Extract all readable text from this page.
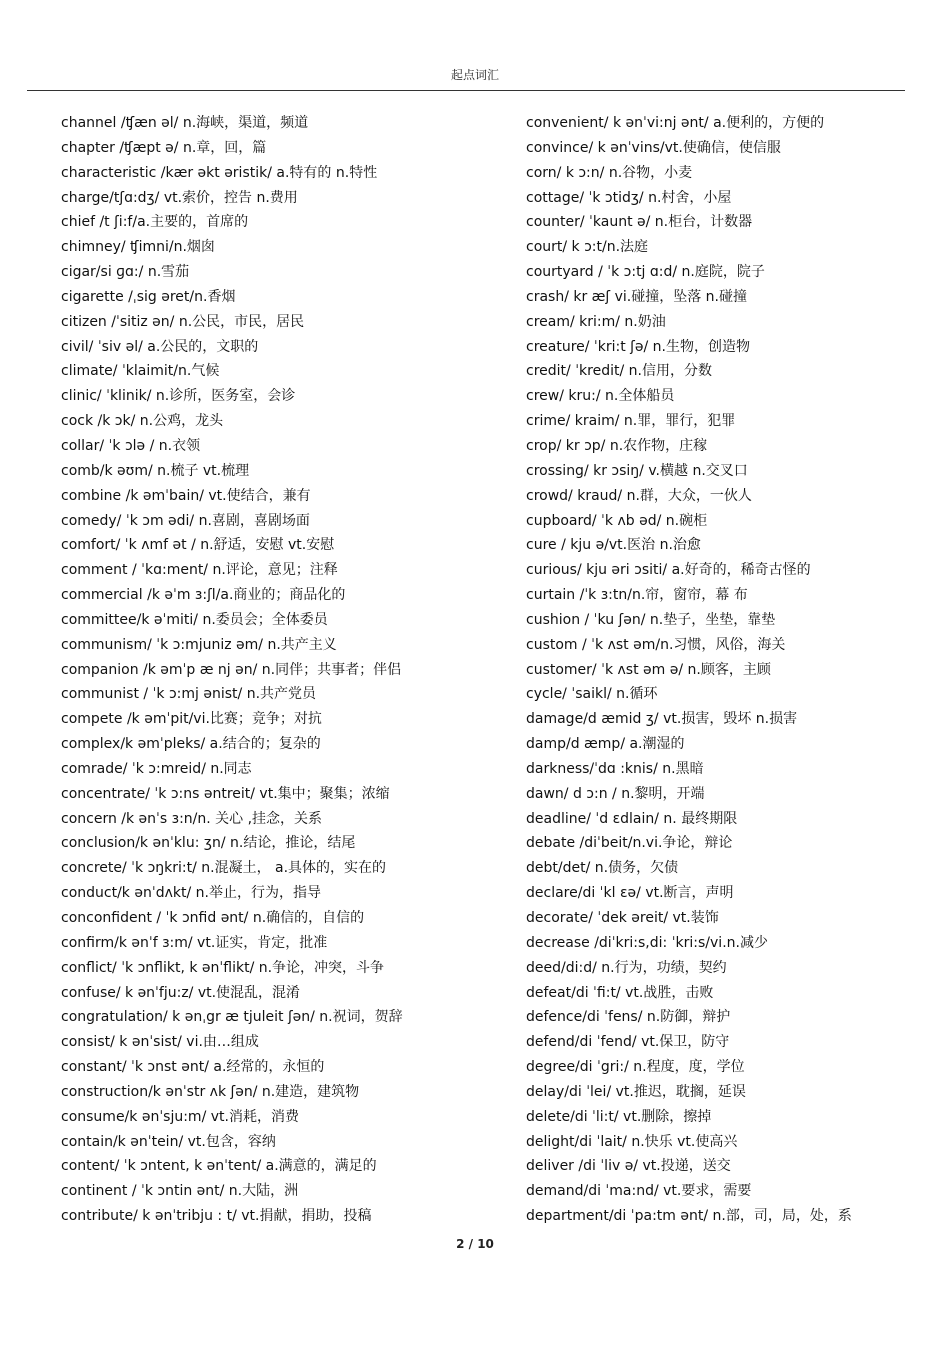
起点词汇
channel /ʧæn əl/ n.海峡，渠道，频道
chapter /ʧæpt ə/ n.章，回，篇
characteristic /kær əkt əristik/ a.特有的 n.特性
charge/tʃɑ:dʒ/ vt.索价，控告 n.费用
chief /t ʃi:f/a.主要的，首席的
chimney/ ʧimni/n.烟囱
cigar/si ɡɑ:/ n.雪茄
cigarette /ˌsig əret/n.香烟
citizen /ˈsitiz ən/ n.公民，市民，居民
civil/ ˈsiv əl/ a.公民的，文职的
climate/ ˈklaimit/n.气候
clinic/ ˈklinik/ n.诊所，医务室，会诊
cock /k ɔk/ n.公鸡，龙头
collar/ ˈk ɔlə / n.衣领
comb/k əʊm/ n.梳子 vt.梳理
combine /k əmˈbain/ vt.使结合，兼有
comedy/ ˈk ɔm ədi/ n.喜剧，喜剧场面
comfort/ ˈk ʌmf ət / n.舒适，安慰 vt.安慰
comment / ˈkɑ:ment/ n.评论，意见；注释
commercial /k əˈm ɜ:ʃl/a.商业的；商品化的
committee/k əˈmiti/ n.委员会；全体委员
communism/ ˈk ɔ:mjuniz əm/ n.共产主义
companion /k əmˈp æ nj ən/ n.同伴；共事者；伴侣
communist / ˈk ɔ:mj ənist/ n.共产党员
compete /k əmˈpit/vi.比赛；竞争；对抗
complex/k əmˈpleks/ a.结合的；复杂的
comrade/ ˈk ɔ:mreid/ n.同志
concentrate/ ˈk ɔ:ns əntreit/ vt.集中；聚集；浓缩
concern /k ənˈs ɜ:n/n. 关心 ,挂念，关系
conclusion/k ənˈklu: ʒn/ n.结论，推论，结尾
concrete/ ˈk ɔŋkri:t/ n.混凝土， a.具体的，实在的
conduct/k ənˈdʌkt/ n.举止，行为，指导
conconfident / ˈk ɔnfid ənt/ n.确信的，自信的
confirm/k ənˈf ɜ:m/ vt.证实，肯定，批准
conflict/ ˈk ɔnflikt, k ənˈflikt/ n.争论，冲突，斗争
confuse/ k ənˈfju:z/ vt.使混乱，混淆
congratulation/ k ənˌgr æ tjuleit ʃən/ n.祝词，贺辞
consist/ k ənˈsist/ vi.由…组成
constant/ ˈk ɔnst ənt/ a.经常的，永恒的
construction/k ənˈstr ʌk ʃən/ n.建造，建筑物
consume/k ənˈsju:m/ vt.消耗，消费
contain/k ənˈtein/ vt.包含，容纳
content/ ˈk ɔntent, k ənˈtent/ a.满意的，满足的
continent / ˈk ɔntin ənt/ n.大陆，洲
contribute/ k ənˈtribju : t/ vt.捐献，捐助，投稿
convenient/ k ənˈvi:nj ənt/ a.便利的，方便的
convince/ k ənˈvins/vt.使确信，使信服
corn/ k ɔ:n/ n.谷物，小麦
cottage/ ˈk ɔtidʒ/ n.村舍，小屋
counter/ ˈkaunt ə/ n.柜台，计数器
court/ k ɔ:t/n.法庭
courtyard / ˈk ɔ:tj ɑ:d/ n.庭院，院子
crash/ kr æʃ vi.碰撞，坠落 n.碰撞
cream/ kri:m/ n.奶油
creature/ ˈkri:t ʃə/ n.生物，创造物
credit/ ˈkredit/ n.信用，分数
crew/ kru:/ n.全体船员
crime/ kraim/ n.罪，罪行，犯罪
crop/ kr ɔp/ n.农作物，庄稼
crossing/ kr ɔsiŋ/ v.横越 n.交叉口
crowd/ kraud/ n.群，大众，一伙人
cupboard/ ˈk ʌb əd/ n.碗柜
cure / kju ə/vt.医治 n.治愈
curious/ kju əri ɔsiti/ a.好奇的，稀奇古怪的
curtain /ˈk ɜ:tn/n.帘，窗帘，幕 布
cushion / ˈku ʃən/ n.垫子，坐垫，靠垫
custom / ˈk ʌst əm/n.习惯，风俗，海关
customer/ ˈk ʌst əm ə/ n.顾客，主顾
cycle/ ˈsaikl/ n.循环
damage/d æmid ʒ/ vt.损害，毁坏 n.损害
damp/d æmp/ a.潮湿的
darkness/ˈdɑ :knis/ n.黑暗
dawn/ d ɔ:n / n.黎明，开端
deadline/ ˈd ɛdlain/ n. 最终期限
debate /diˈbeit/n.vi.争论，辩论
debt/det/ n.债务，欠债
declare/di ˈkl ɛə/ vt.断言，声明
decorate/ ˈdek əreit/ vt.装饰
decrease /diˈkri:s,di: ˈkri:s/vi.n.减少
deed/di:d/ n.行为，功绩，契约
defeat/di ˈfi:t/ vt.战胜，击败
defence/di ˈfens/ n.防御，辩护
defend/di ˈfend/ vt.保卫，防守
degree/di ˈgri:/ n.程度，度，学位
delay/di ˈlei/ vt.推迟，耽搁，延误
delete/di ˈli:t/ vt.删除，擦掉
delight/di ˈlait/ n.快乐 vt.使高兴
deliver /di ˈliv ə/ vt.投递，送交
demand/di ˈma:nd/ vt.要求，需要
department/di ˈpa:tm ənt/ n.部，司，局，处，系
2 / 10
